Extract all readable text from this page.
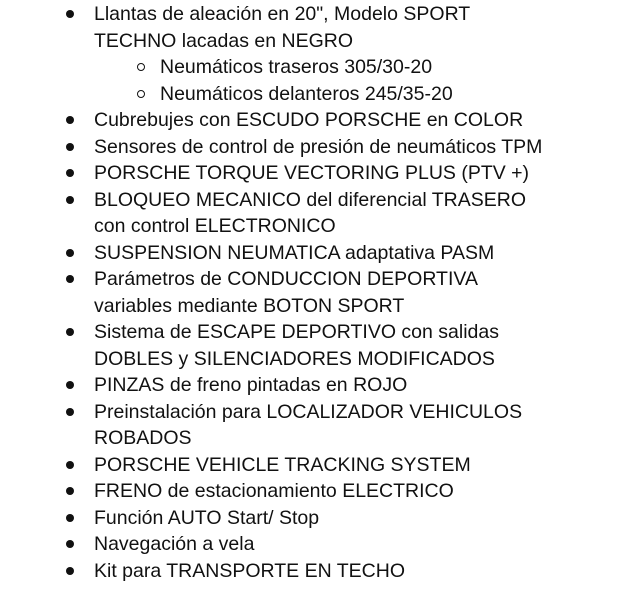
Llantas de aleación en 20", Modelo SPORT
TECHNO lacadas en NEGRO
Neumáticos traseros 305/30-20
Neumáticos delanteros 245/35-20
Cubrebujes con ESCUDO PORSCHE en COLOR
Sensores de control de presión de neumáticos TPM
PORSCHE TORQUE VECTORING PLUS (PTV +)
BLOQUEO MECANICO del diferencial TRASERO
con control ELECTRONICO
SUSPENSION NEUMATICA adaptativa PASM
Parámetros de CONDUCCION DEPORTIVA
variables mediante BOTON SPORT
Sistema de ESCAPE DEPORTIVO con salidas
DOBLES y SILENCIADORES MODIFICADOS
PINZAS de freno pintadas en ROJO
Preinstalación para LOCALIZADOR VEHICULOS
ROBADOS
PORSCHE VEHICLE TRACKING SYSTEM
FRENO de estacionamiento ELECTRICO
Función AUTO Start/ Stop
Navegación a vela
Kit para TRANSPORTE EN TECHO
